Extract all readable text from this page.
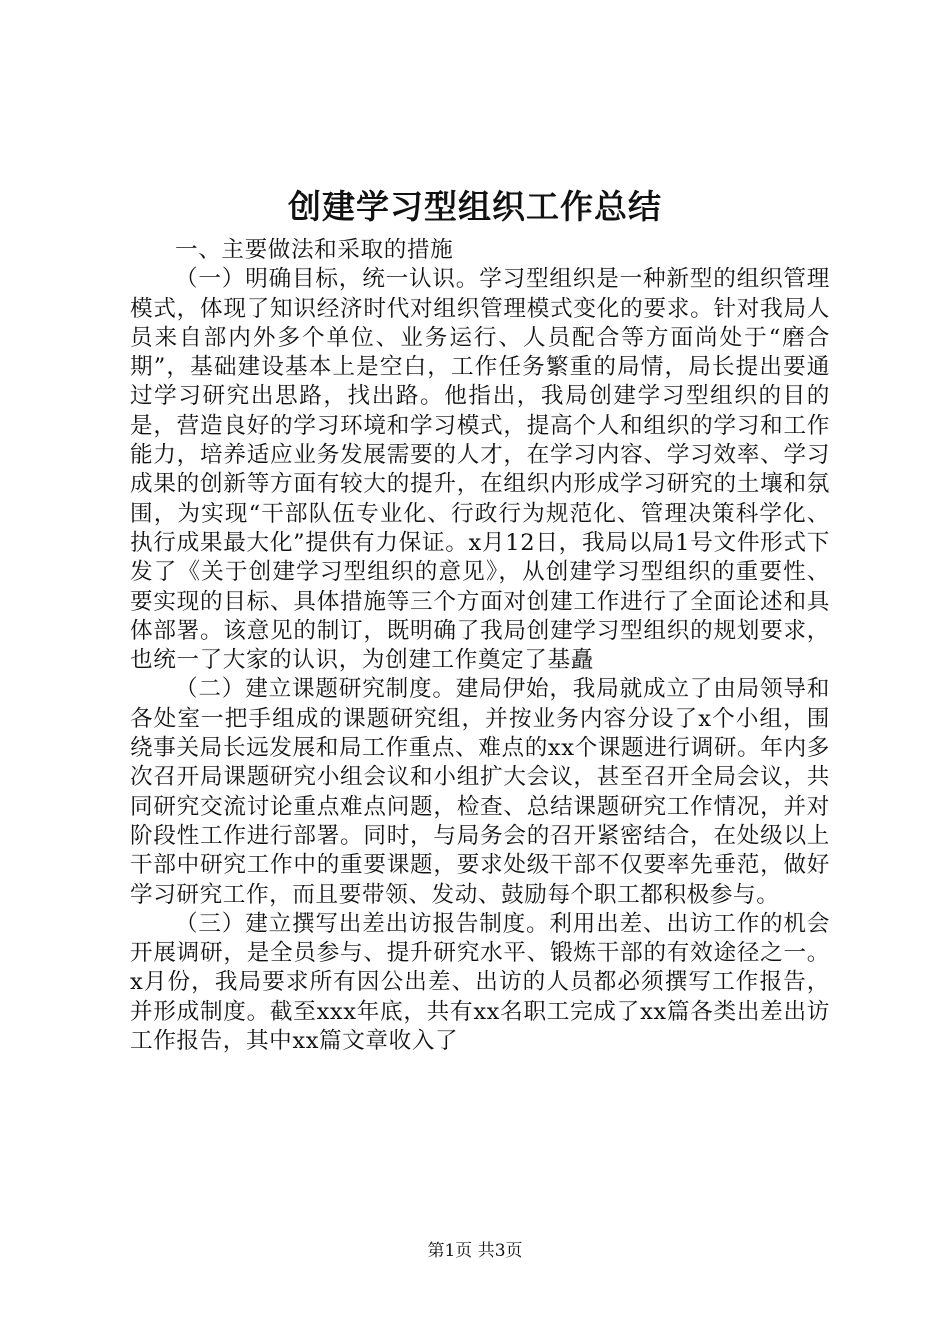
创建学习型组织工作总结

一、主要做法和采取的措施

（一）明确目标，统一认识。学习型组织是一种新型的组织管理模式，体现了知识经济时代对组织管理模式变化的要求。针对我局人员来自部内外多个单位、业务运行、人员配合等方面尚处于“磨合期”，基础建设基本上是空白，工作任务繁重的局情，局长提出要通过学习研究出思路，找出路。他指出，我局创建学习型组织的目的是，营造良好的学习环境和学习模式，提高个人和组织的学习和工作能力，培养适应业务发展需要的人才，在学习内容、学习效率、学习成果的创新等方面有较大的提升，在组织内形成学习研究的土壤和氛围，为实现“干部队伍专业化、行政行为规范化、管理决策科学化、执行成果最大化”提供有力保证。x月12日，我局以局1号文件形式下发了《关于创建学习型组织的意见》，从创建学习型组织的重要性、要实现的目标、具体措施等三个方面对创建工作进行了全面论述和具体部署。该意见的制订，既明确了我局创建学习型组织的规划要求，也统一了大家的认识，为创建工作奠定了基矗

（二）建立课题研究制度。建局伊始，我局就成立了由局领导和各处室一把手组成的课题研究组，并按业务内容分设了x个小组，围绕事关局长远发展和局工作重点、难点的xx个课题进行调研。年内多次召开局课题研究小组会议和小组扩大会议，甚至召开全局会议，共同研究交流讨论重点难点问题，检查、总结课题研究工作情况，并对阶段性工作进行部署。同时，与局务会的召开紧密结合，在处级以上干部中研究工作中的重要课题，要求处级干部不仅要率先垂范，做好学习研究工作，而且要带领、发动、鼓励每个职工都积极参与。

（三）建立撰写出差出访报告制度。利用出差、出访工作的机会开展调研，是全员参与、提升研究水平、锻炼干部的有效途径之一。x月份，我局要求所有因公出差、出访的人员都必须撰写工作报告，并形成制度。截至xxx年底，共有xx名职工完成了xx篇各类出差出访工作报告，其中xx篇文章收入了

第1页 共3页
